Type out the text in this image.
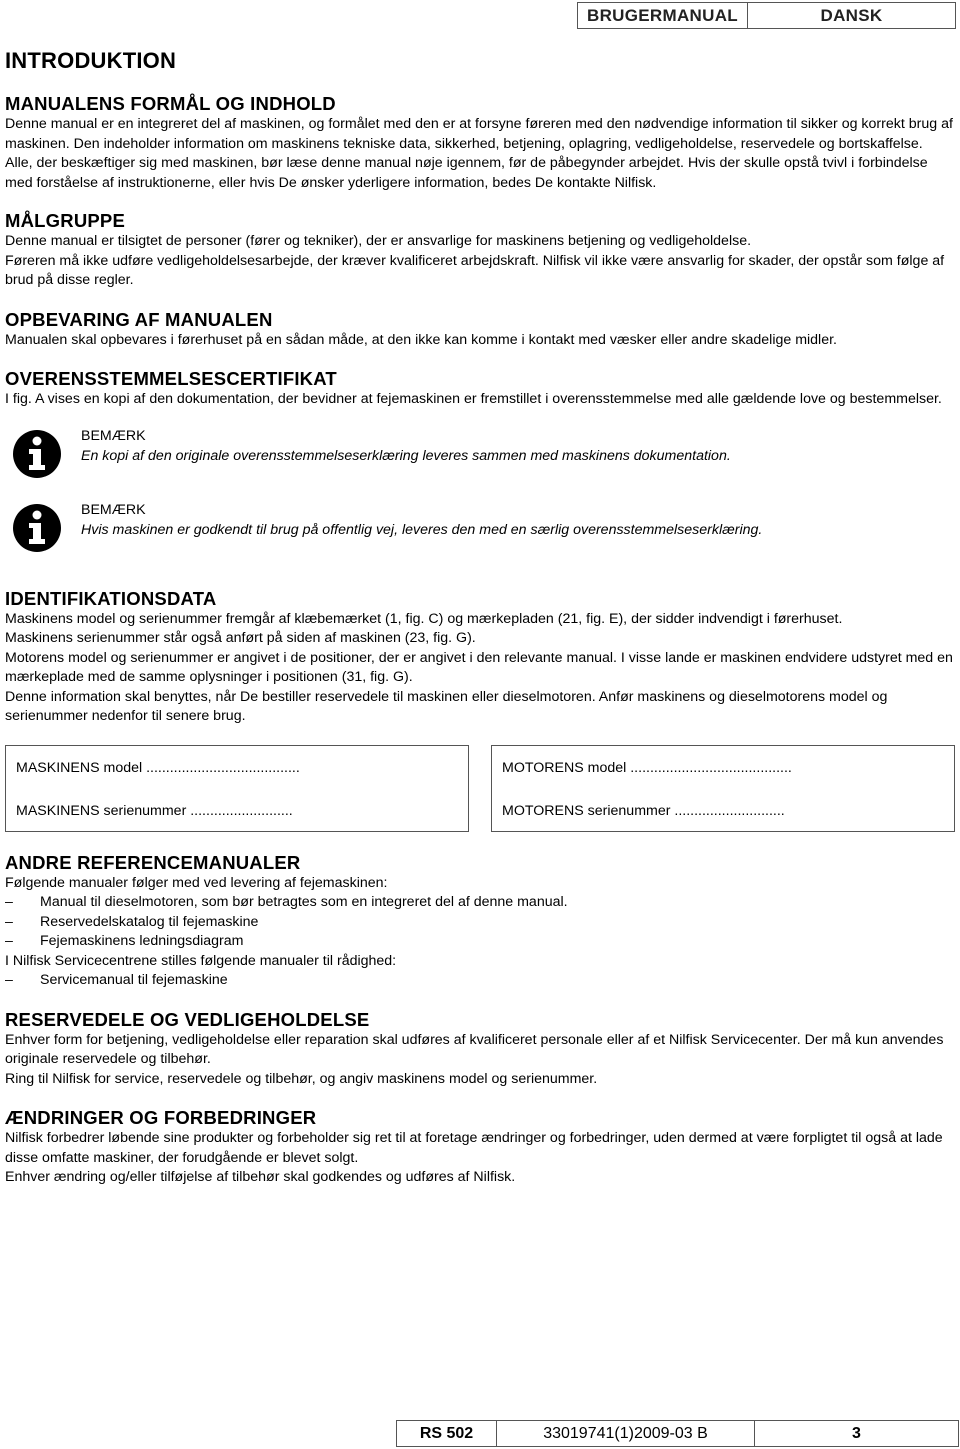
BRUGERMANUAL	DANSK
INTRODUKTION
MANUALENS FORMÅL OG INDHOLD

Denne manual er en integreret del af maskinen, og formålet med den er at forsyne føreren med den nødvendige information til sikker og korrekt brug af maskinen. Den indeholder information om maskinens tekniske data, sikkerhed, betjening, oplagring, vedligeholdelse, reservedele og bortskaffelse.

Alle, der beskæftiger sig med maskinen, bør læse denne manual nøje igennem, før de påbegynder arbejdet. Hvis der skulle opstå tvivl i forbindelse med forståelse af instruktionerne, eller hvis De ønsker yderligere information, bedes De kontakte Nilfisk.

MÅLGRUPPE

Denne manual er tilsigtet de personer (fører og tekniker), der er ansvarlige for maskinens betjening og vedligeholdelse.

Føreren må ikke udføre vedligeholdelsesarbejde, der kræver kvalificeret arbejdskraft. Nilfisk vil ikke være ansvarlig for skader, der opstår som følge af brud på disse regler.

OPBEVARING AF MANUALEN

Manualen skal opbevares i førerhuset på en sådan måde, at den ikke kan komme i kontakt med væsker eller andre skadelige midler.

OVERENSSTEMMELSESCERTIFIKAT

I fig. A vises en kopi af den dokumentation, der bevidner at fejemaskinen er fremstillet i overensstemmelse med alle gældende love og bestemmelser.

BEMÆRK
En kopi af den originale overensstemmelseserklæring leveres sammen med maskinens dokumentation.
BEMÆRK
Hvis maskinen er godkendt til brug på offentlig vej, leveres den med en særlig overensstemmelseserklæring.
IDENTIFIKATIONSDATA

Maskinens model og serienummer fremgår af klæbemærket (1, fig. C) og mærkepladen (21, fig. E), der sidder indvendigt i førerhuset.

Maskinens serienummer står også anført på siden af maskinen (23, fig. G).

Motorens model og serienummer er angivet i de positioner, der er angivet i den relevante manual. I visse lande er maskinen endvidere udstyret med en mærkeplade med de samme oplysninger i positionen (31, fig. G).

Denne information skal benyttes, når De bestiller reservedele til maskinen eller dieselmotoren. Anfør maskinens og dieselmotorens model og serienummer nedenfor til senere brug.

MASKINENS model .......................................
MASKINENS serienummer ..........................
MOTORENS model .........................................
MOTORENS serienummer ............................
ANDRE REFERENCEMANUALER

Følgende manualer følger med ved levering af fejemaskinen:

–	Manual til dieselmotoren, som bør betragtes som en integreret del af denne manual.
–	Reservedelskatalog til fejemaskine
–	Fejemaskinens ledningsdiagram

I Nilfisk Servicecentrene stilles følgende manualer til rådighed:

–	Servicemanual til fejemaskine
RESERVEDELE OG VEDLIGEHOLDELSE

Enhver form for betjening, vedligeholdelse eller reparation skal udføres af kvalificeret personale eller af et Nilfisk Servicecenter. Der må kun anvendes originale reservedele og tilbehør.

Ring til Nilfisk for service, reservedele og tilbehør, og angiv maskinens model og serienummer.

ÆNDRINGER OG FORBEDRINGER

Nilfisk forbedrer løbende sine produkter og forbeholder sig ret til at foretage ændringer og forbedringer, uden dermed at være forpligtet til også at lade disse omfatte maskiner, der forudgående er blevet solgt.

Enhver ændring og/eller tilføjelse af tilbehør skal godkendes og udføres af Nilfisk.

RS 502	33019741(1)2009-03 B	3
